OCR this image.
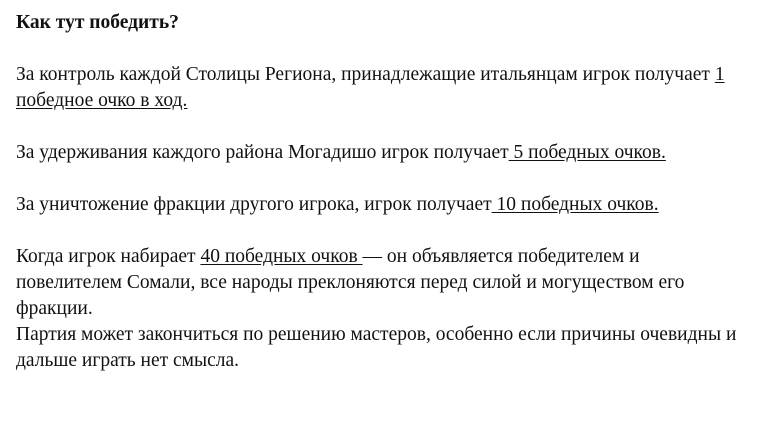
Как тут победить?

За контроль каждой Столицы Региона, принадлежащие итальянцам игрок получает 1 победное очко в ход.

За удерживания каждого района Могадишо игрок получает 5 победных очков.

За уничтожение фракции другого игрока, игрок получает 10 победных очков.

Когда игрок набирает 40 победных очков — он объявляется победителем и повелителем Сомали, все народы преклоняются перед силой и могуществом его фракции.

Партия может закончиться по решению мастеров, особенно если причины очевидны и дальше играть нет смысла.
